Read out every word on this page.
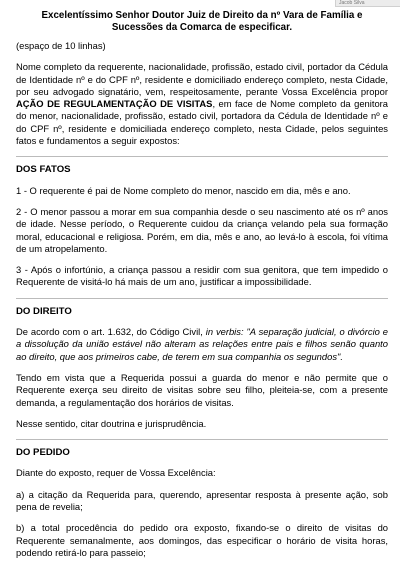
Jacob Silva
Excelentíssimo Senhor Doutor Juiz de Direito da nº Vara de Família e Sucessões da Comarca de especificar.

(espaço de 10 linhas)

Nome completo da requerente, nacionalidade, profissão, estado civil, portador da Cédula de Identidade nº e do CPF nº, residente e domiciliado endereço completo, nesta Cidade, por seu advogado signatário, vem, respeitosamente, perante Vossa Excelência propor AÇÃO DE REGULAMENTAÇÃO DE VISITAS, em face de Nome completo da genitora do menor, nacionalidade, profissão, estado civil, portadora da Cédula de Identidade nº e do CPF nº, residente e domiciliada endereço completo, nesta Cidade, pelos seguintes fatos e fundamentos a seguir expostos:

DOS FATOS

1 - O requerente é pai de Nome completo do menor, nascido em dia, mês e ano.

2 - O menor passou a morar em sua companhia desde o seu nascimento até os nº anos de idade. Nesse período, o Requerente cuidou da criança velando pela sua formação moral, educacional e religiosa. Porém, em dia, mês e ano, ao levá-lo à escola, foi vítima de um atropelamento.

3 - Após o infortúnio, a criança passou a residir com sua genitora, que tem impedido o Requerente de visitá-lo há mais de um ano, justificar a impossibilidade.

DO DIREITO

De acordo com o art. 1.632, do Código Civil, in verbis: "A separação judicial, o divórcio e a dissolução da união estável não alteram as relações entre pais e filhos senão quanto ao direito, que aos primeiros cabe, de terem em sua companhia os segundos".

Tendo em vista que a Requerida possui a guarda do menor e não permite que o Requerente exerça seu direito de visitas sobre seu filho, pleiteia-se, com a presente demanda, a regulamentação dos horários de visitas.

Nesse sentido, citar doutrina e jurisprudência.

DO PEDIDO

Diante do exposto, requer de Vossa Excelência:

a) a citação da Requerida para, querendo, apresentar resposta à presente ação, sob pena de revelia;

b) a total procedência do pedido ora exposto, fixando-se o direito de visitas do Requerente semanalmente, aos domingos, das especificar o horário de visita horas, podendo retirá-lo para passeio;
